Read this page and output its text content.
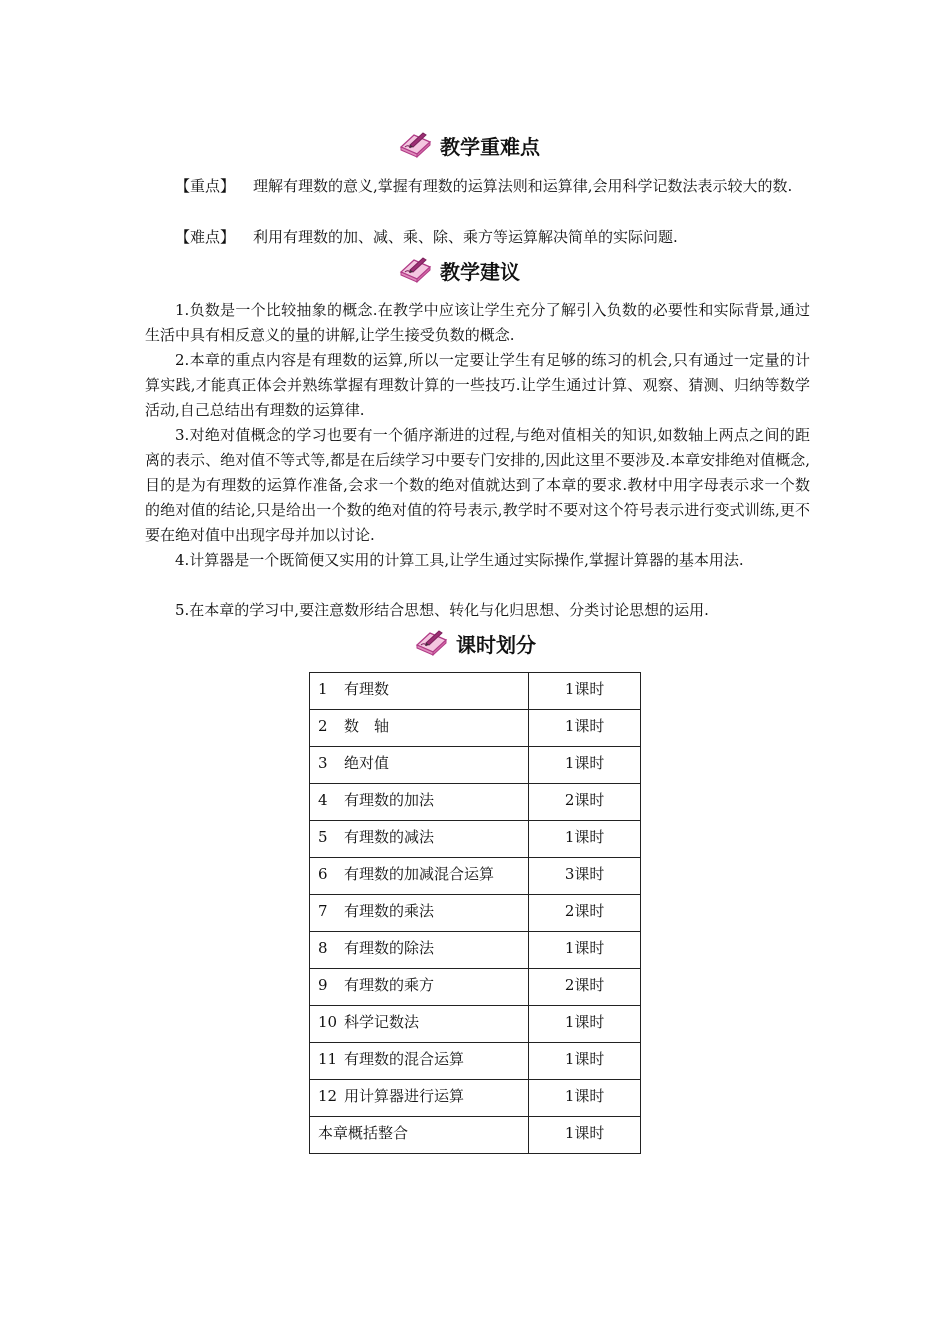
教学重难点

【重点】 理解有理数的意义,掌握有理数的运算法则和运算律,会用科学记数法表示较大的数.

【难点】 利用有理数的加、减、乘、除、乘方等运算解决简单的实际问题.

教学建议

1.负数是一个比较抽象的概念.在教学中应该让学生充分了解引入负数的必要性和实际背景,通过生活中具有相反意义的量的讲解,让学生接受负数的概念.

2.本章的重点内容是有理数的运算,所以一定要让学生有足够的练习的机会,只有通过一定量的计算实践,才能真正体会并熟练掌握有理数计算的一些技巧.让学生通过计算、观察、猜测、归纳等数学活动,自己总结出有理数的运算律.

3.对绝对值概念的学习也要有一个循序渐进的过程,与绝对值相关的知识,如数轴上两点之间的距离的表示、绝对值不等式等,都是在后续学习中要专门安排的,因此这里不要涉及.本章安排绝对值概念,目的是为有理数的运算作准备,会求一个数的绝对值就达到了本章的要求.教材中用字母表示求一个数的绝对值的结论,只是给出一个数的绝对值的符号表示,教学时不要对这个符号表示进行变式训练,更不要在绝对值中出现字母并加以讨论.

4.计算器是一个既简便又实用的计算工具,让学生通过实际操作,掌握计算器的基本用法.

5.在本章的学习中,要注意数形结合思想、转化与化归思想、分类讨论思想的运用.

课时划分
1 有理数	1课时
2 数　轴	1课时
3 绝对值	1课时
4 有理数的加法	2课时
5 有理数的减法	1课时
6 有理数的加减混合运算	3课时
7 有理数的乘法	2课时
8 有理数的除法	1课时
9 有理数的乘方	2课时
10 科学记数法	1课时
11 有理数的混合运算	1课时
12 用计算器进行运算	1课时
本章概括整合	1课时
